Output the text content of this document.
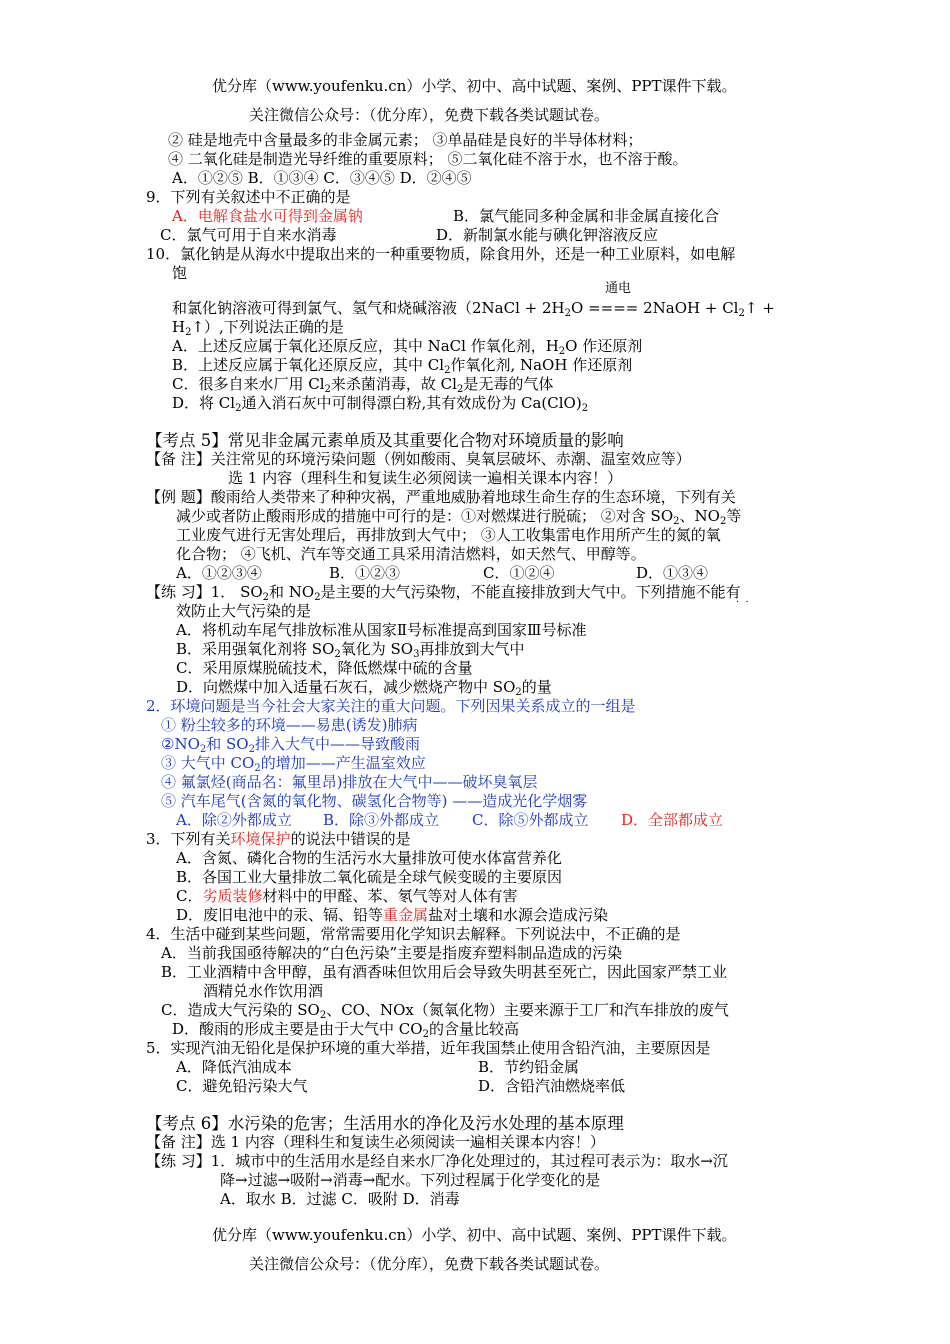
优分库（www.youfenku.cn）小学、初中、高中试题、案例、PPT课件下载。
关注微信公众号：（优分库），免费下载各类试题试卷。
② 硅是地壳中含量最多的非金属元素； ③单晶硅是良好的半导体材料；
④ 二氧化硅是制造光导纤维的重要原料； ⑤二氧化硅不溶于水，也不溶于酸。
A．①②⑤ B．①③④ C．③④⑤ D．②④⑤
9．下列有关叙述中不正确的是
A．电解食盐水可得到金属钠	B．氯气能同多种金属和非金属直接化合
C．氯气可用于自来水消毒	D．新制氯水能与碘化钾溶液反应
10．氯化钠是从海水中提取出来的一种重要物质，除食用外，还是一种工业原料，如电解
饱
通电
和氯化钠溶液可得到氯气、氢气和烧碱溶液（2NaCl + $2H_2O$ ==== 2NaOH + $Cl_2↑$ +
$H_2↑$）,下列说法正确的是
A．上述反应属于氧化还原反应，其中 NaCl 作氧化剂，$H_2O$ 作还原剂
B．上述反应属于氧化还原反应，其中 $Cl_2$作氧化剂, NaOH 作还原剂
C．很多自来水厂用 $Cl_2$来杀菌消毒，故 $Cl_2$是无毒的气体
D．将 $Cl_2$通入消石灰中可制得漂白粉,其有效成份为 $Ca(ClO)_2$
【考点 5】常见非金属元素单质及其重要化合物对环境质量的影响
【备 注】关注常见的环境污染问题（例如酸雨、臭氧层破坏、赤潮、温室效应等）
选 1 内容（理科生和复读生必须阅读一遍相关课本内容！）
【例 题】酸雨给人类带来了种种灾祸，严重地威胁着地球生命生存的生态环境，下列有关
减少或者防止酸雨形成的措施中可行的是：①对燃煤进行脱硫； ②对含 $SO_2$、$NO_2$等
工业废气进行无害处理后，再排放到大气中； ③人工收集雷电作用所产生的氮的氧
化合物； ④飞机、汽车等交通工具采用清洁燃料，如天然气、甲醇等。
A．①②③④	B．①②③	C．①②④	D．①③④
【练 习】1． $SO_2$和 $NO_2$是主要的大气污染物，不能直接排放到大气中。下列措施不能有
·  ·
效防止大气污染的是
A．将机动车尾气排放标准从国家Ⅱ号标准提高到国家Ⅲ号标准
B．采用强氧化剂将 $SO_2$氧化为 $SO_3$再排放到大气中
C．采用原煤脱硫技术，降低燃煤中硫的含量
D．向燃煤中加入适量石灰石，减少燃烧产物中 $SO_2$的量
2．环境问题是当今社会大家关注的重大问题。下列因果关系成立的一组是
① 粉尘较多的环境——易患(诱发)肺病
$②NO_2$和 $SO_2$排入大气中——导致酸雨
③ 大气中 $CO_2$的增加——产生温室效应
④ 氟氯烃(商品名：氟里昂)排放在大气中——破坏臭氧层
⑤ 汽车尾气(含氮的氧化物、碳氢化合物等) ——造成光化学烟雾
A．除②外都成立 B．除③外都成立 C．除⑤外都成立 D．全部都成立
3．下列有关环境保护的说法中错误的是
A．含氮、磷化合物的生活污水大量排放可使水体富营养化
B．各国工业大量排放二氧化硫是全球气候变暖的主要原因
C．劣质装修材料中的甲醛、苯、氡气等对人体有害
D．废旧电池中的汞、镉、铅等重金属盐对土壤和水源会造成污染
4．生活中碰到某些问题，常常需要用化学知识去解释。下列说法中，不正确的是
A．当前我国亟待解决的“白色污染”主要是指废弃塑料制品造成的污染
B．工业酒精中含甲醇，虽有酒香味但饮用后会导致失明甚至死亡，因此国家严禁工业
酒精兑水作饮用酒
C．造成大气污染的 $SO_2$、CO、NOx（氮氧化物）主要来源于工厂和汽车排放的废气
D．酸雨的形成主要是由于大气中 $CO_2$的含量比较高
5．实现汽油无铅化是保护环境的重大举措，近年我国禁止使用含铅汽油，主要原因是
A．降低汽油成本	B．节约铅金属
C．避免铅污染大气	D．含铅汽油燃烧率低
【考点 6】水污染的危害；生活用水的净化及污水处理的基本原理
【备 注】选 1 内容（理科生和复读生必须阅读一遍相关课本内容！）
【练 习】1．城市中的生活用水是经自来水厂净化处理过的，其过程可表示为：取水→沉
降→过滤→吸附→消毒→配水。下列过程属于化学变化的是
A．取水 B．过滤 C．吸附 D．消毒
优分库（www.youfenku.cn）小学、初中、高中试题、案例、PPT课件下载。
关注微信公众号：（优分库），免费下载各类试题试卷。
